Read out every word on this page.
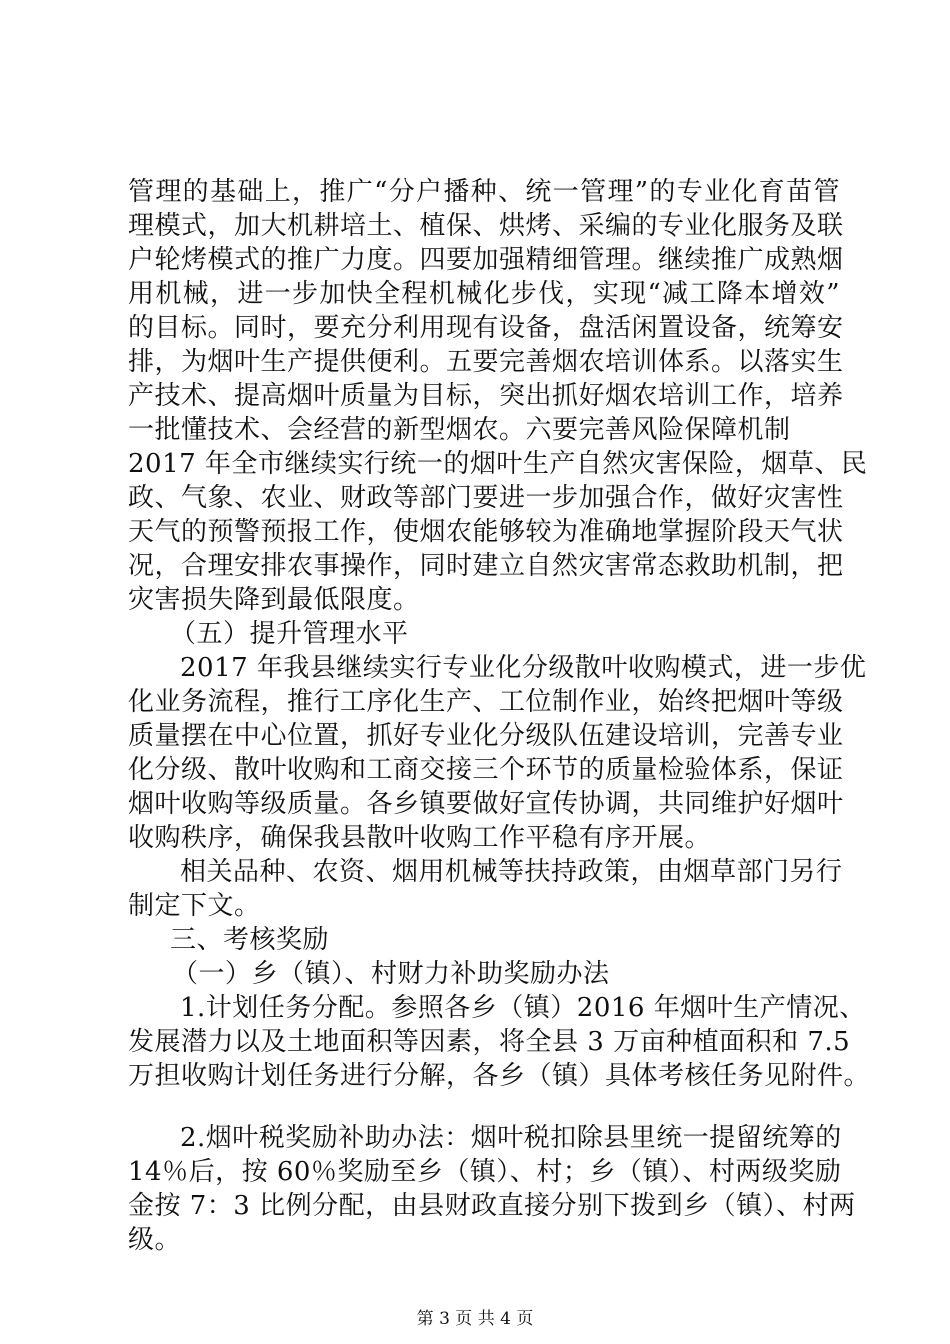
管理的基础上，推广“分户播种、统一管理”的专业化育苗管
理模式，加大机耕培土、植保、烘烤、采编的专业化服务及联
户轮烤模式的推广力度。四要加强精细管理。继续推广成熟烟
用机械，进一步加快全程机械化步伐，实现“减工降本增效”
的目标。同时，要充分利用现有设备，盘活闲置设备，统筹安
排，为烟叶生产提供便利。五要完善烟农培训体系。以落实生
产技术、提高烟叶质量为目标，突出抓好烟农培训工作，培养
一批懂技术、会经营的新型烟农。六要完善风险保障机制
2017 年全市继续实行统一的烟叶生产自然灾害保险，烟草、民
政、气象、农业、财政等部门要进一步加强合作，做好灾害性
天气的预警预报工作，使烟农能够较为准确地掌握阶段天气状
况，合理安排农事操作，同时建立自然灾害常态救助机制，把
灾害损失降到最低限度。
（五）提升管理水平
2017 年我县继续实行专业化分级散叶收购模式，进一步优
化业务流程，推行工序化生产、工位制作业，始终把烟叶等级
质量摆在中心位置，抓好专业化分级队伍建设培训，完善专业
化分级、散叶收购和工商交接三个环节的质量检验体系，保证
烟叶收购等级质量。各乡镇要做好宣传协调，共同维护好烟叶
收购秩序，确保我县散叶收购工作平稳有序开展。
相关品种、农资、烟用机械等扶持政策，由烟草部门另行
制定下文。
三、考核奖励
（一）乡（镇）、村财力补助奖励办法
1.计划任务分配。参照各乡（镇）2016 年烟叶生产情况、
发展潜力以及土地面积等因素，将全县 3 万亩种植面积和 7.5
万担收购计划任务进行分解，各乡（镇）具体考核任务见附件。
2.烟叶税奖励补助办法：烟叶税扣除县里统一提留统筹的
14％后，按 60％奖励至乡（镇）、村；乡（镇）、村两级奖励
金按 7：3 比例分配，由县财政直接分别下拨到乡（镇）、村两
级。
第 3 页 共 4 页
